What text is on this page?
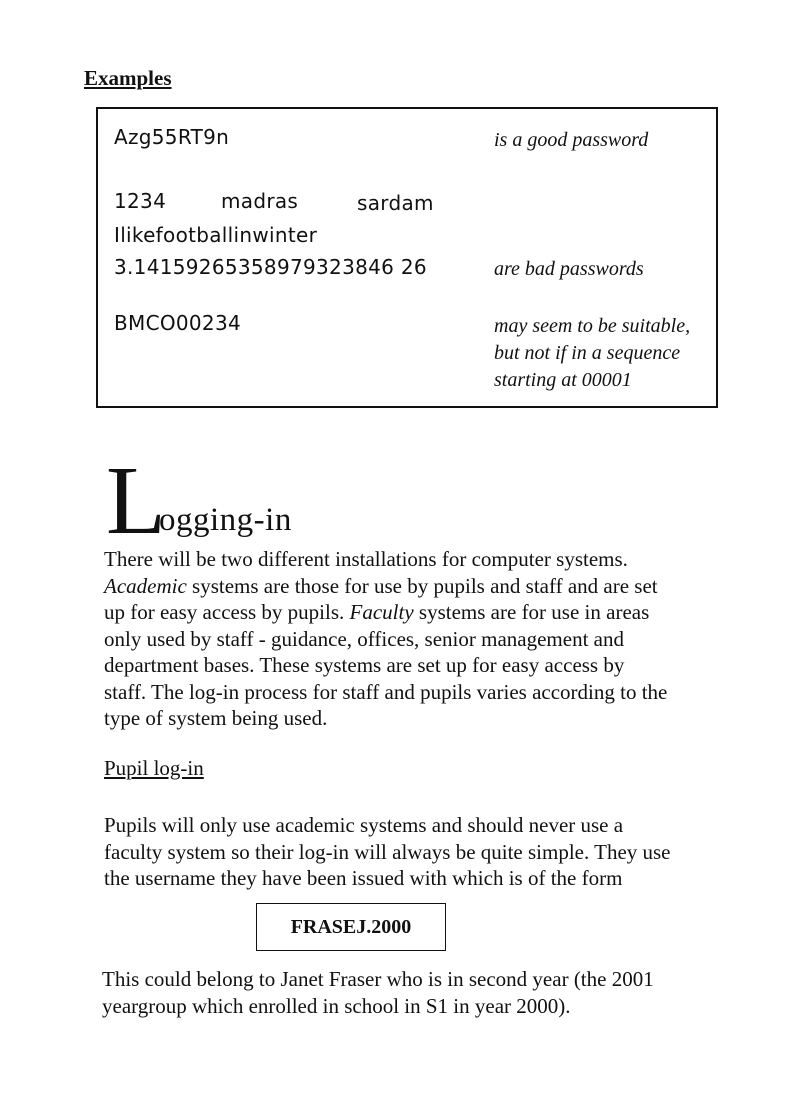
Examples
Azg55RT9n	is a good password
1234	madras	sardam
Ilikefootballinwinter
3.14159265358979323846 26	are bad passwords
BMCO00234	may seem to be suitable,
but not if in a sequence
starting at 00001
L
ogging-in
There will be two different installations for computer systems.
Academic systems are those for use by pupils and staff and are set
up for easy access by pupils. Faculty systems are for use in areas
only used by staff - guidance, offices, senior management and
department bases. These systems are set up for easy access by
staff. The log-in process for staff and pupils varies according to the
type of system being used.
Pupil log-in
Pupils will only use academic systems and should never use a
faculty system so their log-in will always be quite simple. They use
the username they have been issued with which is of the form
FRASEJ.2000
This could belong to Janet Fraser who is in second year (the 2001
yeargroup which enrolled in school in S1 in year 2000).
